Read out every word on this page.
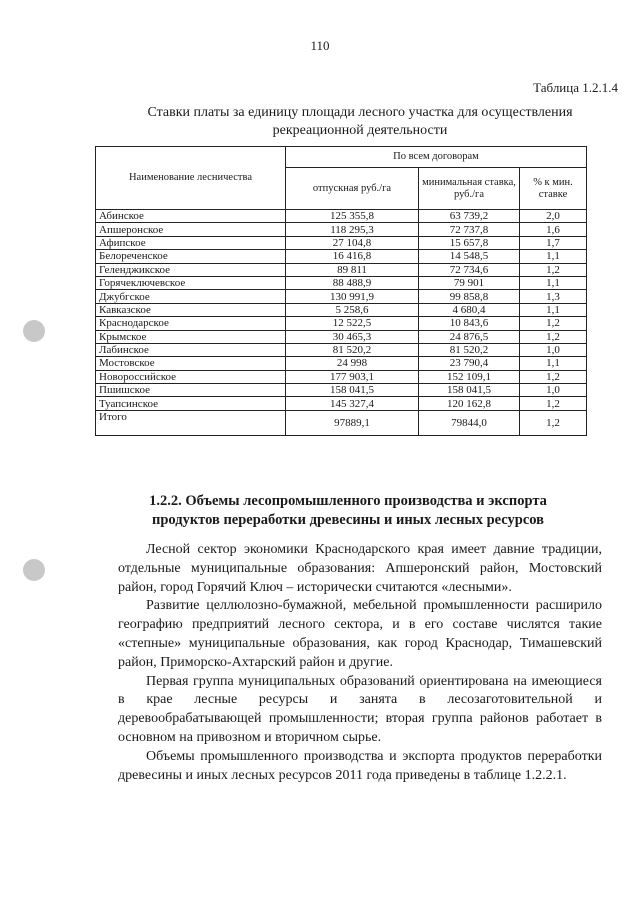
110
Таблица 1.2.1.4
Ставки платы за единицу площади лесного участка для осуществления
рекреационной деятельности
Наименование лесничества	По всем договорам		
	отпускная руб./га	минимальная ставка, руб./га	% к мин. ставке
Абинское	125 355,8	63 739,2	2,0
Апшеронское	118 295,3	72 737,8	1,6
Афипское	27 104,8	15 657,8	1,7
Белореченское	16 416,8	14 548,5	1,1
Геленджикское	89 811	72 734,6	1,2
Горячеключевское	88 488,9	79 901	1,1
Джубгское	130 991,9	99 858,8	1,3
Кавказское	5 258,6	4 680,4	1,1
Краснодарское	12 522,5	10 843,6	1,2
Крымское	30 465,3	24 876,5	1,2
Лабинское	81 520,2	81 520,2	1,0
Мостовское	24 998	23 790,4	1,1
Новороссийское	177 903,1	152 109,1	1,2
Пшишское	158 041,5	158 041,5	1,0
Туапсинское	145 327,4	120 162,8	1,2
Итого	97889,1	79844,0	1,2
1.2.2. Объемы лесопромышленного производства и экспорта
продуктов переработки древесины и иных лесных ресурсов

Лесной сектор экономики Краснодарского края имеет давние традиции, отдельные муниципальные образования: Апшеронский район, Мостовский район, город Горячий Ключ – исторически считаются «лесными».

Развитие целлюлозно-бумажной, мебельной промышленности расширило географию предприятий лесного сектора, и в его составе числятся такие «степные» муниципальные образования, как город Краснодар, Тимашевский район, Приморско-Ахтарский район и другие.

Первая группа муниципальных образований ориентирована на имеющиеся в крае лесные ресурсы и занята в лесозаготовительной и деревообрабатывающей промышленности; вторая группа районов работает в основном на привозном и вторичном сырье.

Объемы промышленного производства и экспорта продуктов переработки древесины и иных лесных ресурсов 2011 года приведены в таблице 1.2.2.1.
